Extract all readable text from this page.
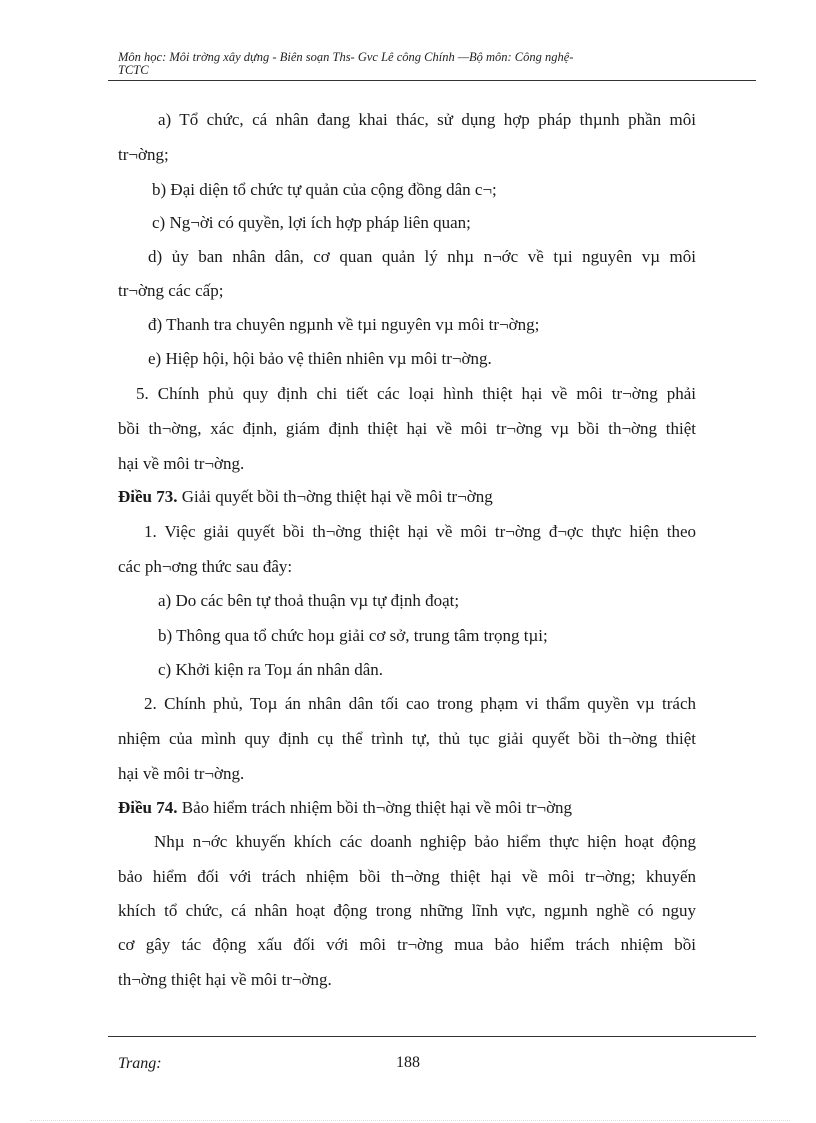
Môn học: Môi trờng xây dựng - Biên soạn Ths- Gvc Lê công Chính —Bộ môn: Công nghệ-
TCTC
a) Tổ chức, cá nhân đang khai thác, sử dụng hợp pháp thµnh phần môi
tr¬ờng;
b) Đại diện tổ chức tự quản của cộng đồng dân c¬;
c) Ng¬ời có quyền, lợi ích hợp pháp liên quan;
d) ủy ban nhân dân, cơ quan quản lý nhµ n¬ớc về tµi nguyên vµ môi
tr¬ờng các cấp;
đ) Thanh tra chuyên ngµnh về tµi nguyên vµ môi tr¬ờng;
e) Hiệp hội, hội bảo vệ thiên nhiên vµ môi tr¬ờng.
5. Chính phủ quy định chi tiết các loại hình thiệt hại về môi tr¬ờng phải
bồi th¬ờng, xác định, giám định thiệt hại về môi tr¬ờng vµ bồi th¬ờng thiệt
hại về môi tr¬ờng.
Điều 73. Giải quyết bồi th¬ờng thiệt hại về môi tr¬ờng
1. Việc giải quyết bồi th¬ờng thiệt hại về môi tr¬ờng đ¬ợc thực hiện theo
các ph¬ơng thức sau đây:
a) Do các bên tự thoả thuận vµ tự định đoạt;
b) Thông qua tổ chức hoµ giải cơ sở, trung tâm trọng tµi;
c) Khởi kiện ra Toµ án nhân dân.
2. Chính phủ, Toµ án nhân dân tối cao trong phạm vi thẩm quyền vµ trách
nhiệm của mình quy định cụ thể trình tự, thủ tục giải quyết bồi th¬ờng thiệt
hại về môi tr¬ờng.
Điều 74. Bảo hiểm trách nhiệm bồi th¬ờng thiệt hại về môi tr¬ờng
Nhµ n¬ớc khuyến khích các doanh nghiệp bảo hiểm thực hiện hoạt động
bảo hiểm đối với trách nhiệm bồi th¬ờng thiệt hại về môi tr¬ờng; khuyến
khích tổ chức, cá nhân hoạt động trong những lĩnh vực, ngµnh nghề có nguy
cơ gây tác động xấu đối với môi tr¬ờng mua bảo hiểm trách nhiệm bồi
th¬ờng thiệt hại về môi tr¬ờng.
Trang:	188
